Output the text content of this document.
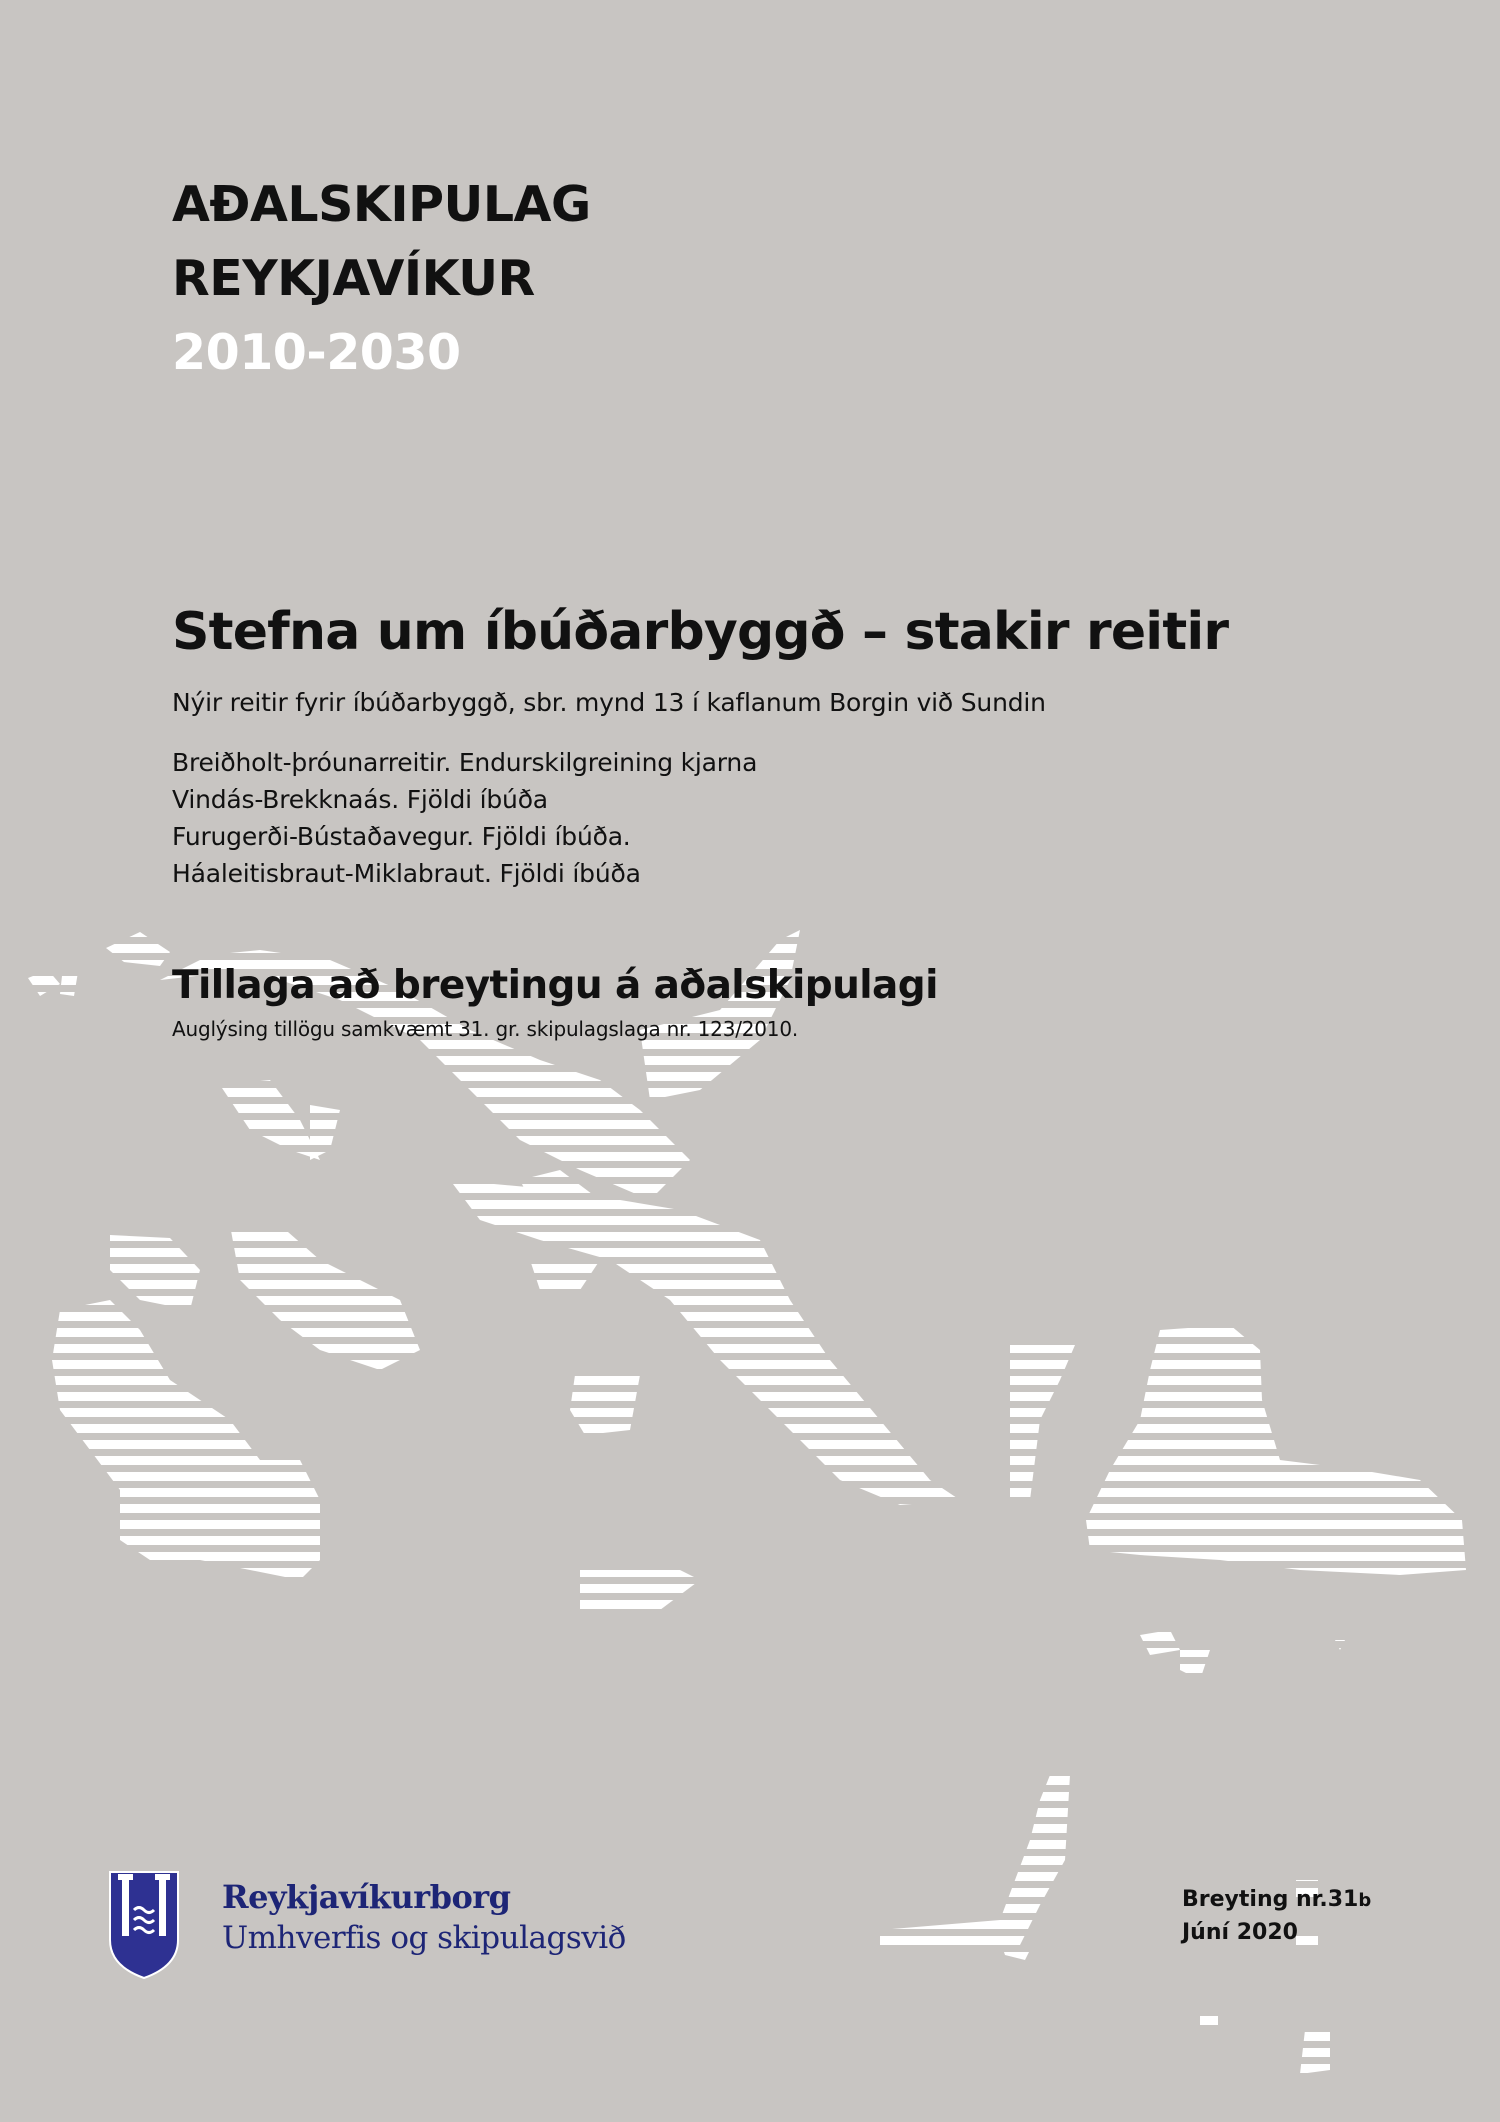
AÐALSKIPULAG
REYKJAVÍKUR
2010-2030
Stefna um íbúðarbyggð – stakir reitir
Nýir reitir fyrir íbúðarbyggð, sbr. mynd 13 í kaflanum Borgin við Sundin
Breiðholt-þróunarreitir. Endurskilgreining kjarna
Vindás-Brekknaás. Fjöldi íbúða
Furugerði-Bústaðavegur. Fjöldi íbúða.
Háaleitisbraut-Miklabraut. Fjöldi íbúða
Tillaga að breytingu á aðalskipulagi
Auglýsing tillögu samkvæmt 31. gr. skipulagslaga nr. 123/2010.
Reykjavíkurborg
Umhverfis og skipulagsvið
Breyting nr.31b
Júní 2020
